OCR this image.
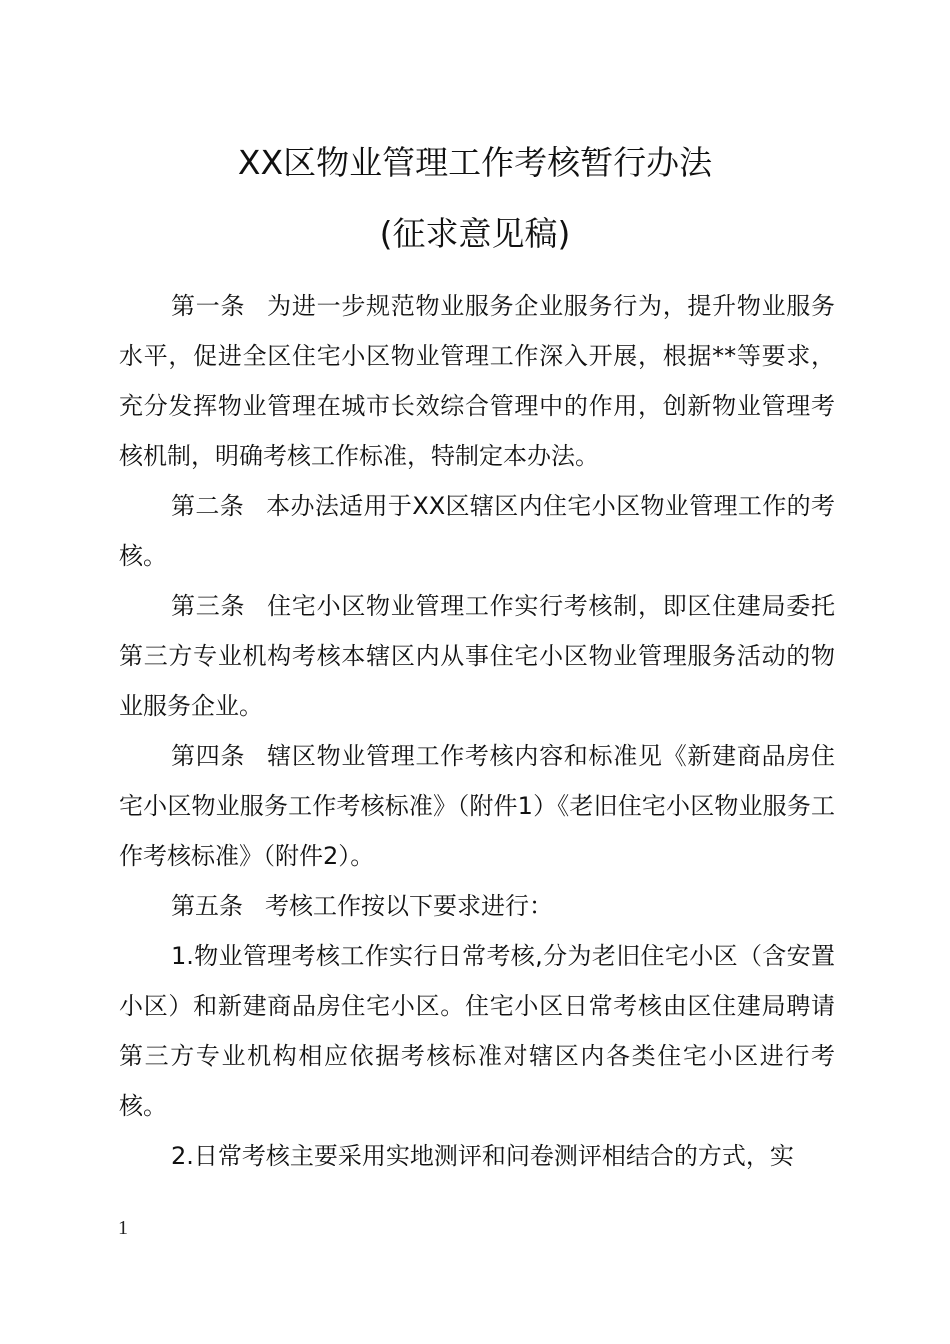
XX区物业管理工作考核暂行办法
(征求意见稿)

第一条 为进一步规范物业服务企业服务行为，提升物业服务水平，促进全区住宅小区物业管理工作深入开展，根据**等要求，充分发挥物业管理在城市长效综合管理中的作用，创新物业管理考核机制，明确考核工作标准，特制定本办法。

第二条 本办法适用于XX区辖区内住宅小区物业管理工作的考核。

第三条 住宅小区物业管理工作实行考核制，即区住建局委托第三方专业机构考核本辖区内从事住宅小区物业管理服务活动的物业服务企业。

第四条 辖区物业管理工作考核内容和标准见《新建商品房住宅小区物业服务工作考核标准》（附件1）《老旧住宅小区物业服务工作考核标准》（附件2）。

第五条 考核工作按以下要求进行：

1.物业管理考核工作实行日常考核,分为老旧住宅小区（含安置小区）和新建商品房住宅小区。住宅小区日常考核由区住建局聘请第三方专业机构相应依据考核标准对辖区内各类住宅小区进行考核。

2.日常考核主要采用实地测评和问卷测评相结合的方式，实

1
